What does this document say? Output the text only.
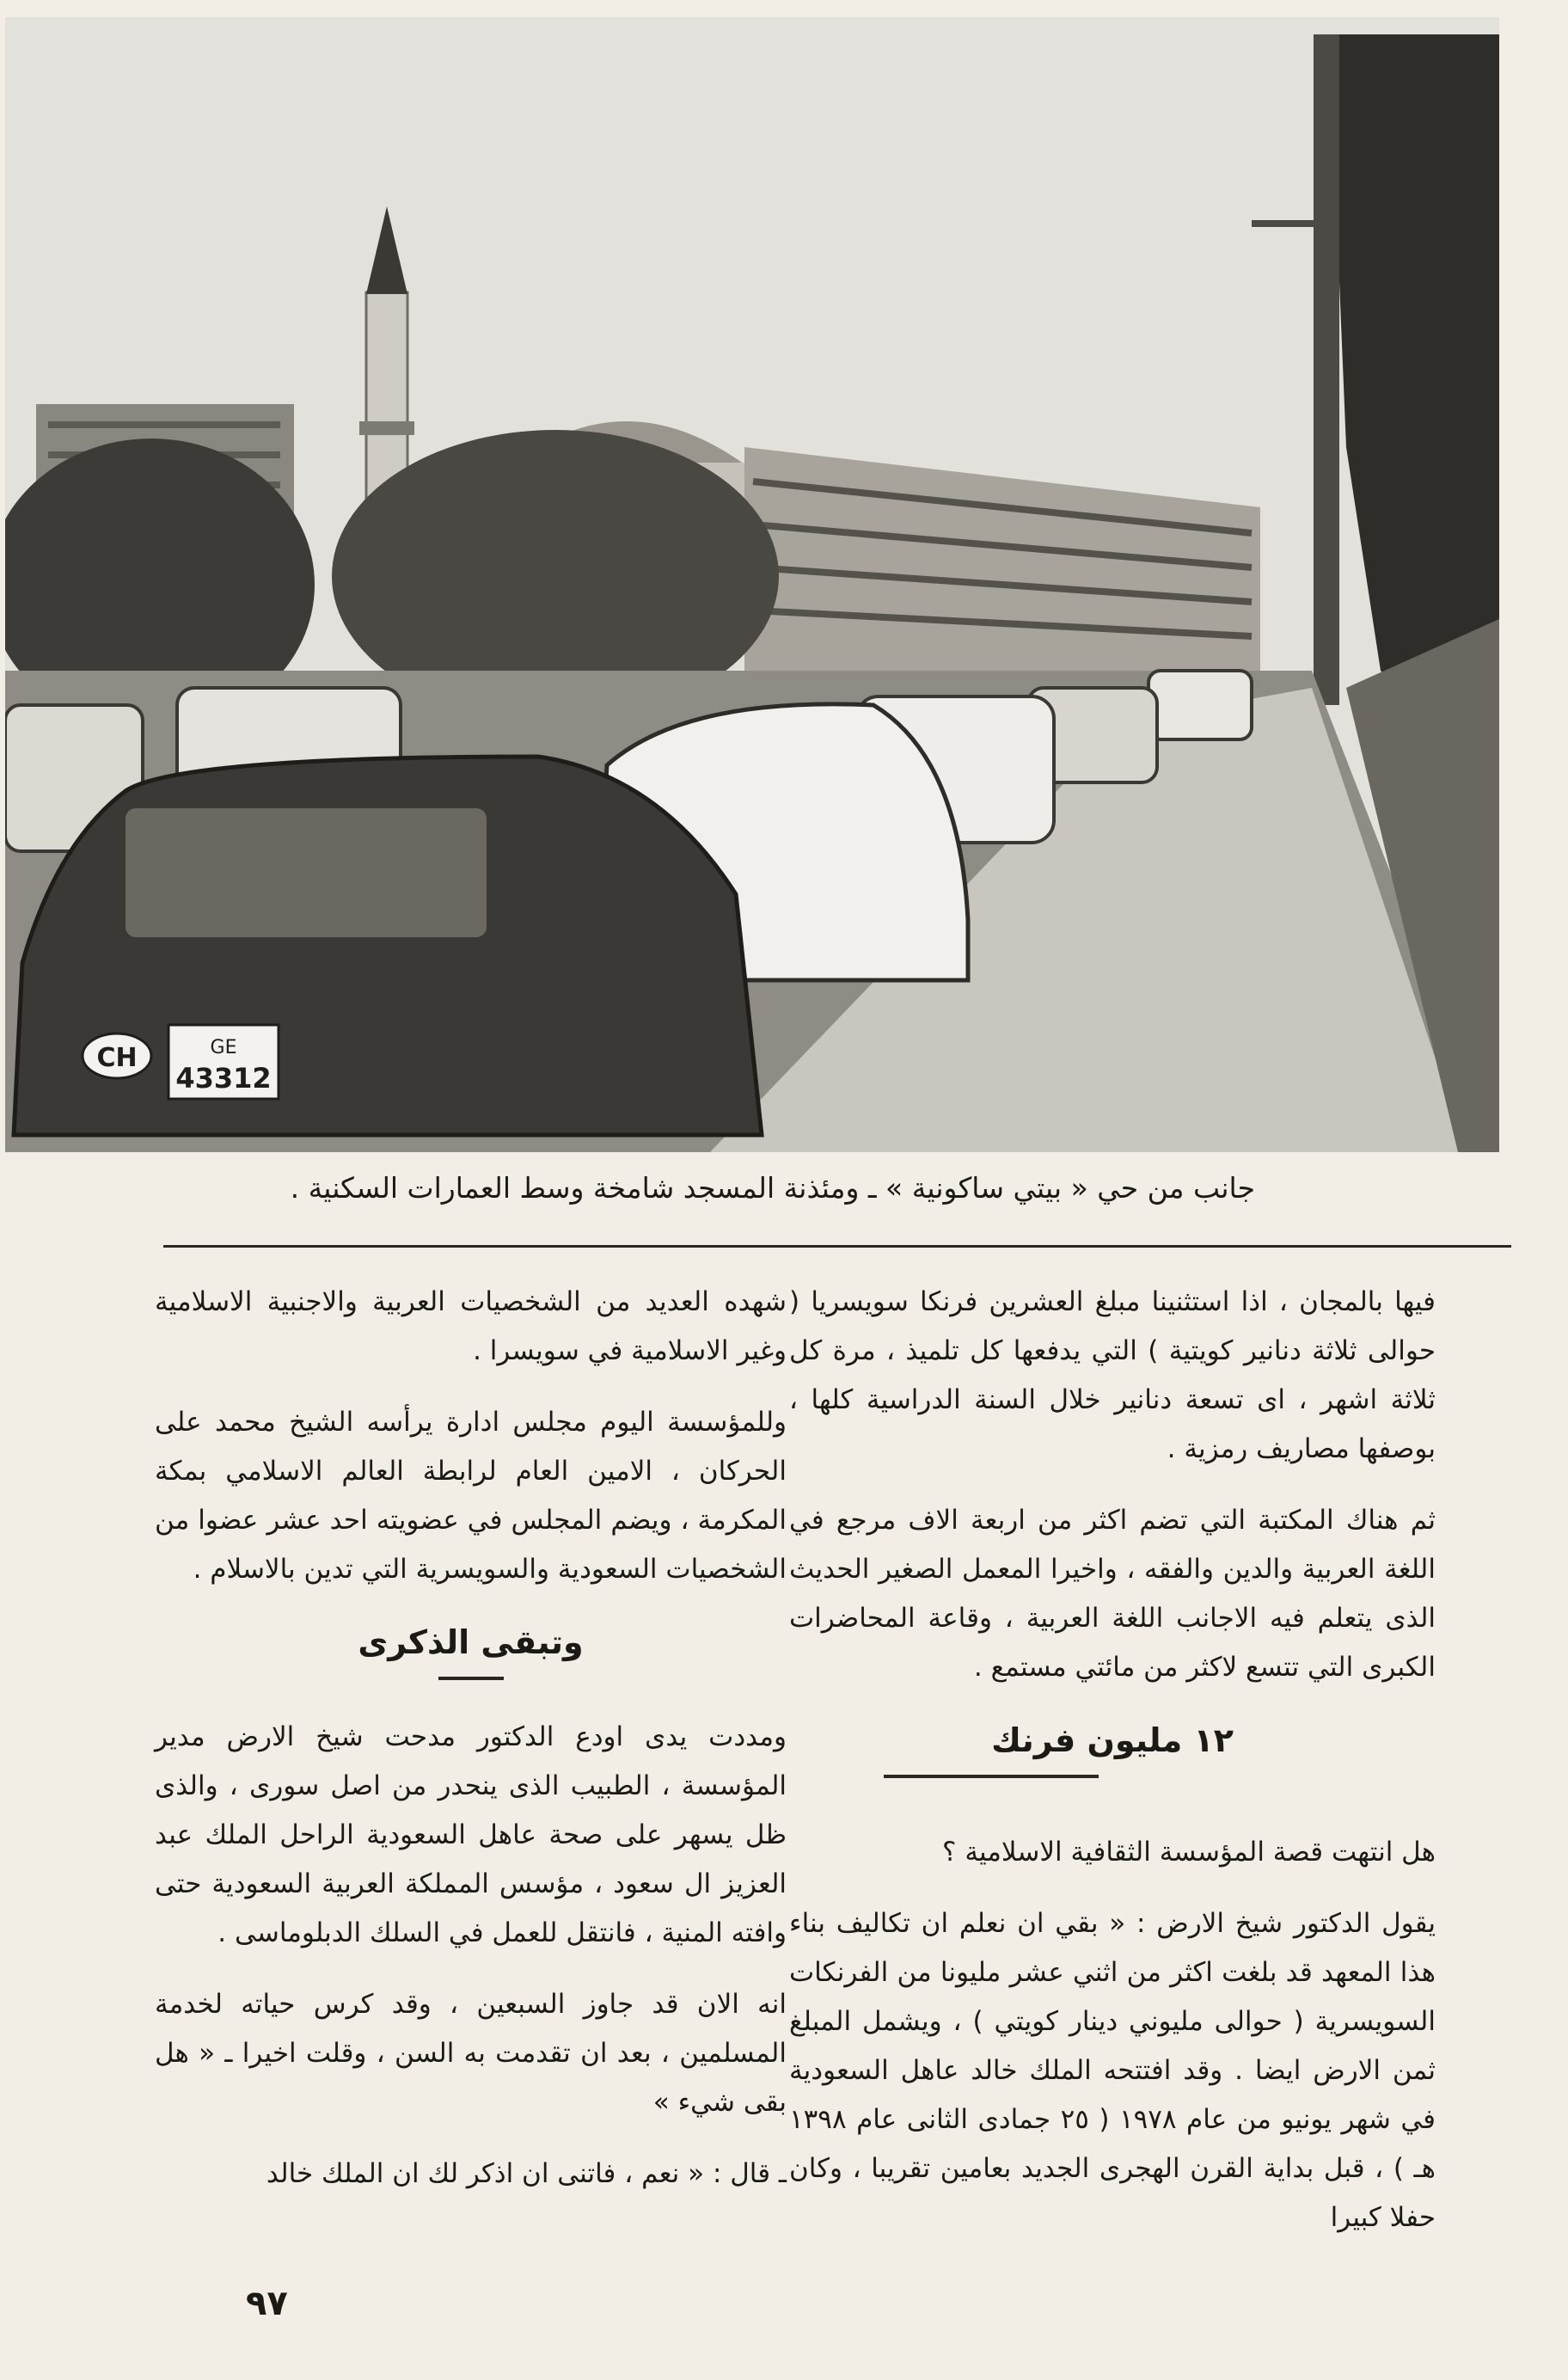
CH	GE
43312
جانب من حي « بيتي ساكونية » ـ ومئذنة المسجد شامخة وسط العمارات السكنية .

فيها بالمجان ، اذا استثنينا مبلغ العشرين فرنكا سويسريا ( حوالى ثلاثة دنانير كويتية ) التي يدفعها كل تلميذ ، مرة كل ثلاثة اشهر ، اى تسعة دنانير خلال السنة الدراسية كلها ، بوصفها مصاريف رمزية .

ثم هناك المكتبة التي تضم اكثر من اربعة الاف مرجع في اللغة العربية والدين والفقه ، واخيرا المعمل الصغير الحديث الذى يتعلم فيه الاجانب اللغة العربية ، وقاعة المحاضرات الكبرى التي تتسع لاكثر من مائتي مستمع .

١٢ مليون فرنك

هل انتهت قصة المؤسسة الثقافية الاسلامية ؟

يقول الدكتور شيخ الارض : « بقي ان نعلم ان تكاليف بناء هذا المعهد قد بلغت اكثر من اثني عشر مليونا من الفرنكات السويسرية ( حوالى مليوني دينار كويتي ) ، ويشمل المبلغ ثمن الارض ايضا . وقد افتتحه الملك خالد عاهل السعودية في شهر يونيو من عام ١٩٧٨ ( ٢٥ جمادى الثانى عام ١٣٩٨ هـ ) ، قبل بداية القرن الهجرى الجديد بعامين تقريبا ، وكان حفلا كبيرا

شهده العديد من الشخصيات العربية والاجنبية الاسلامية وغير الاسلامية في سويسرا .

وللمؤسسة اليوم مجلس ادارة يرأسه الشيخ محمد على الحركان ، الامين العام لرابطة العالم الاسلامي بمكة المكرمة ، ويضم المجلس في عضويته احد عشر عضوا من الشخصيات السعودية والسويسرية التي تدين بالاسلام .

وتبقى الذكرى

ومددت يدى اودع الدكتور مدحت شيخ الارض مدير المؤسسة ، الطبيب الذى ينحدر من اصل سورى ، والذى ظل يسهر على صحة عاهل السعودية الراحل الملك عبد العزيز ال سعود ، مؤسس المملكة العربية السعودية حتى وافته المنية ، فانتقل للعمل في السلك الدبلوماسى .

انه الان قد جاوز السبعين ، وقد كرس حياته لخدمة المسلمين ، بعد ان تقدمت به السن ، وقلت اخيرا ـ « هل بقى شيء »

ـ قال : « نعم ، فاتنى ان اذكر لك ان الملك خالد

٩٧
